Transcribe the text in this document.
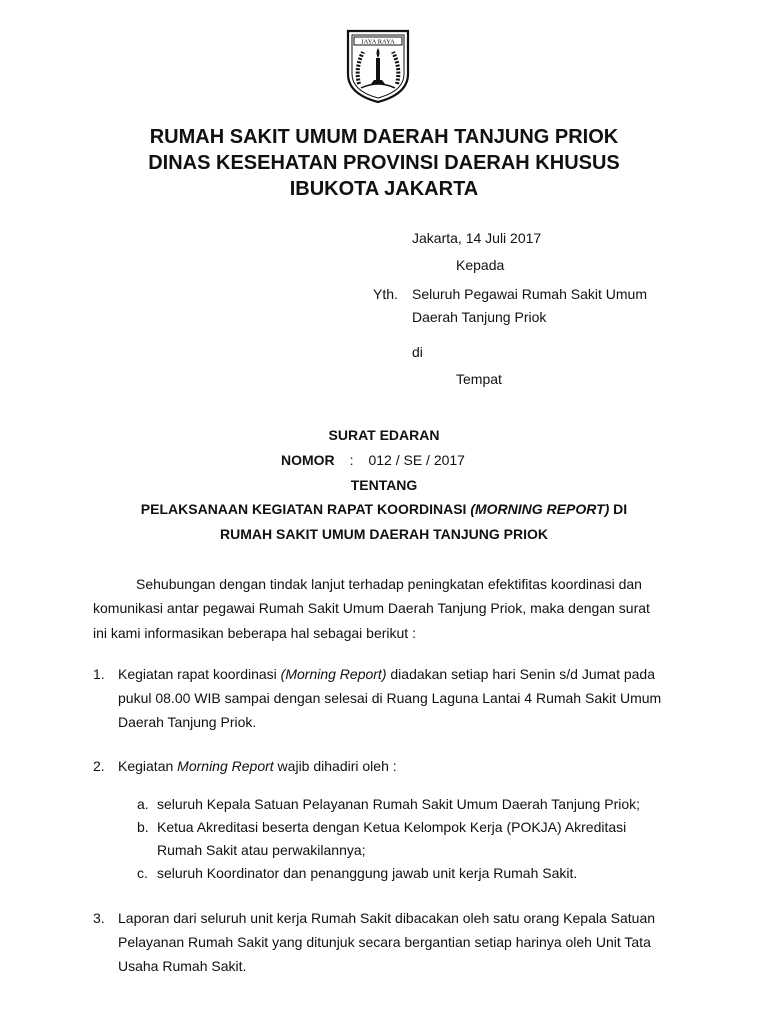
JAYA RAYA
RUMAH SAKIT UMUM DAERAH TANJUNG PRIOK
DINAS KESEHATAN PROVINSI DAERAH KHUSUS
IBUKOTA JAKARTA
Jakarta, 14 Juli 2017
Kepada
Yth. Seluruh Pegawai Rumah Sakit Umum
Daerah Tanjung Priok
di
Tempat
SURAT EDARAN
NOMOR : 012 / SE / 2017
TENTANG
PELAKSANAAN KEGIATAN RAPAT KOORDINASI (MORNING REPORT) DI
RUMAH SAKIT UMUM DAERAH TANJUNG PRIOK
Sehubungan dengan tindak lanjut terhadap peningkatan efektifitas koordinasi dan
komunikasi antar pegawai Rumah Sakit Umum Daerah Tanjung Priok, maka dengan surat
ini kami informasikan beberapa hal sebagai berikut :
1. Kegiatan rapat koordinasi (Morning Report) diadakan setiap hari Senin s/d Jumat pada
pukul 08.00 WIB sampai dengan selesai di Ruang Laguna Lantai 4 Rumah Sakit Umum
Daerah Tanjung Priok.
2. Kegiatan Morning Report wajib dihadiri oleh :
a. seluruh Kepala Satuan Pelayanan Rumah Sakit Umum Daerah Tanjung Priok;
b. Ketua Akreditasi beserta dengan Ketua Kelompok Kerja (POKJA) Akreditasi
Rumah Sakit atau perwakilannya;
c. seluruh Koordinator dan penanggung jawab unit kerja Rumah Sakit.
3. Laporan dari seluruh unit kerja Rumah Sakit dibacakan oleh satu orang Kepala Satuan
Pelayanan Rumah Sakit yang ditunjuk secara bergantian setiap harinya oleh Unit Tata
Usaha Rumah Sakit.
